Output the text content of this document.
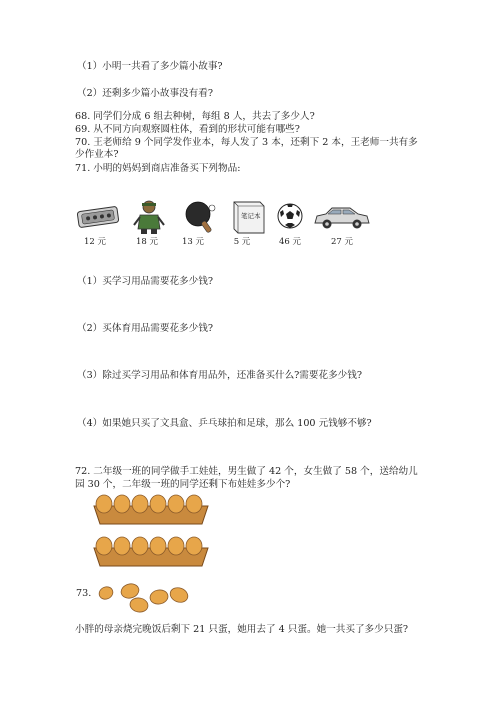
（1）小明一共看了多少篇小故事?
（2）还剩多少篇小故事没有看?
68. 同学们分成 6 组去种树，每组 8 人，共去了多少人?
69. 从不同方向观察圆柱体，看到的形状可能有哪些?
70. 王老师给 9 个同学发作业本，每人发了 3 本，还剩下 2 本，王老师一共有多
少作业本?
71. 小明的妈妈到商店准备买下列物品:
12 元	18 元	13 元
笔记本
5 元	46 元	27 元
（1）买学习用品需要花多少钱?
（2）买体育用品需要花多少钱?
（3）除过买学习用品和体育用品外，还准备买什么?需要花多少钱?
（4）如果她只买了文具盒、乒乓球拍和足球，那么 100 元钱够不够?
72. 二年级一班的同学做手工娃娃，男生做了 42 个，女生做了 58 个，送给幼儿
园 30 个，二年级一班的同学还剩下布娃娃多少个?
73.
小胖的母亲烧完晚饭后剩下 21 只蛋，她用去了 4 只蛋。她一共买了多少只蛋?
